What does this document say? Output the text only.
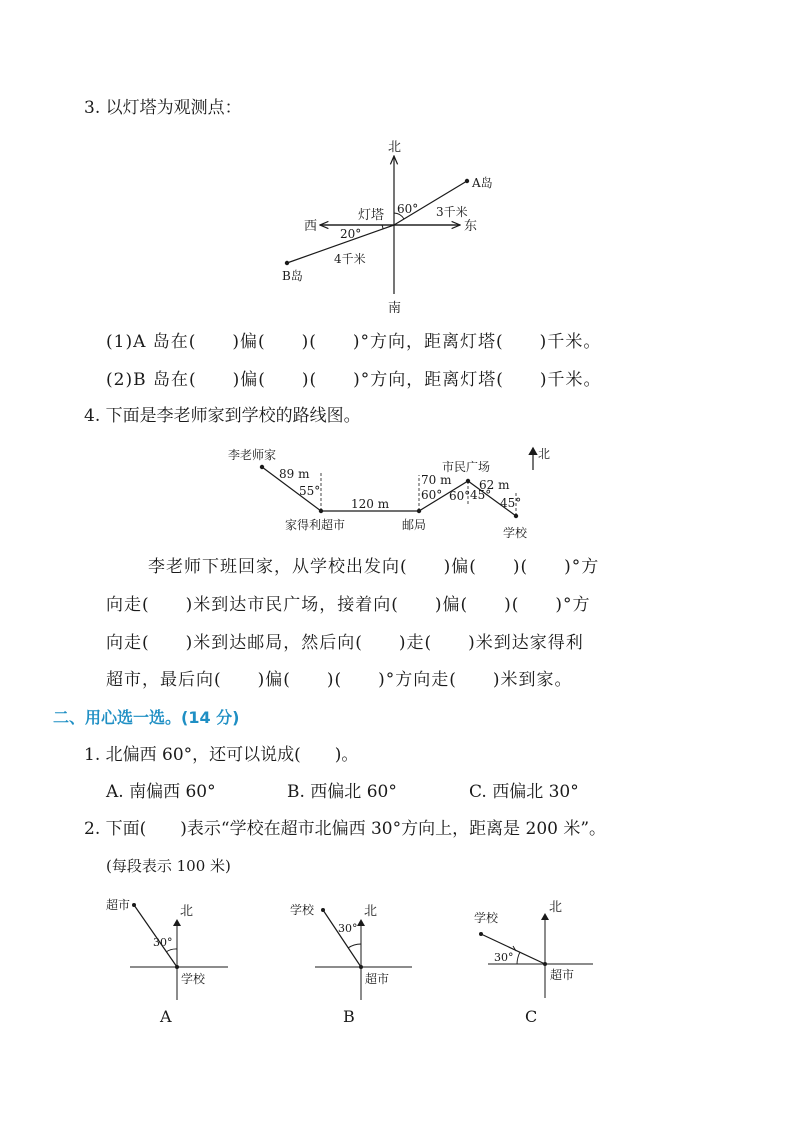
3. 以灯塔为观测点：
北
南
东
西
灯塔 60° 3千米
A岛
20°
4千米
B岛
(1)A 岛在(　　)偏(　　)(　　)°方向，距离灯塔(　　)千米。
(2)B 岛在(　　)偏(　　)(　　)°方向，距离灯塔(　　)千米。
4. 下面是李老师家到学校的路线图。
李老师家
89 m
55°
家得利超市
120 m
邮局
70 m
60°
市民广场
60° 45°
62 m
45°
学校
北
李老师下班回家，从学校出发向(　　)偏(　　)(　　)°方
向走(　　)米到达市民广场，接着向(　　)偏(　　)(　　)°方
向走(　　)米到达邮局，然后向(　　)走(　　)米到达家得利
超市，最后向(　　)偏(　　)(　　)°方向走(　　)米到家。
二、用心选一选。(14 分)
1. 北偏西 60°，还可以说成(　　)。
A. 南偏西 60°	B. 西偏北 60°	C. 西偏北 30°
2. 下面(　　)表示“学校在超市北偏西 30°方向上，距离是 200 米”。
(每段表示 100 米)
超市
学校
北
30°
A
学校
超市
北
30°
B
学校
超市
北
30°
C
